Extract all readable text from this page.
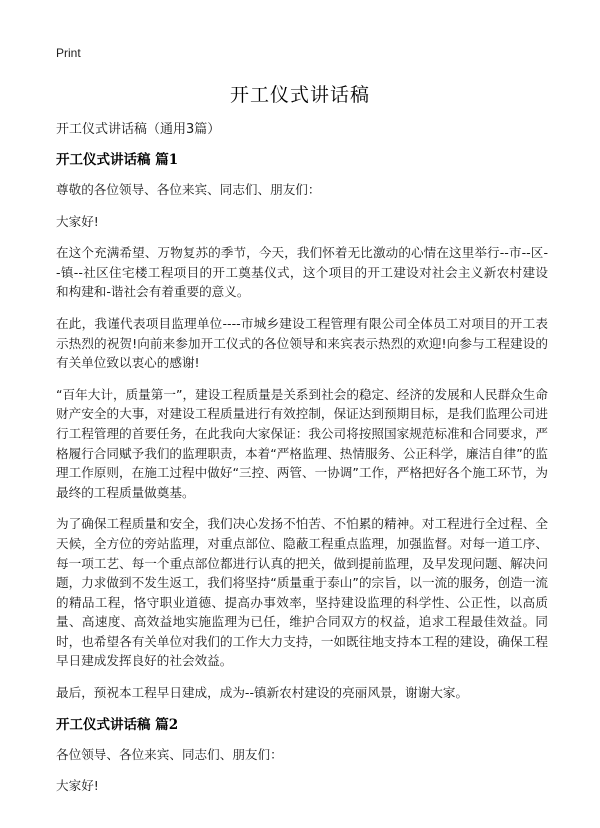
Print
开工仪式讲话稿

开工仪式讲话稿（通用3篇）

开工仪式讲话稿 篇1

尊敬的各位领导、各位来宾、同志们、朋友们：

大家好!

在这个充满希望、万物复苏的季节，今天，我们怀着无比激动的心情在这里举行--市--区--镇--社区住宅楼工程项目的开工奠基仪式，这个项目的开工建设对社会主义新农村建设和构建和-谐社会有着重要的意义。

在此，我谨代表项目监理单位----市城乡建设工程管理有限公司全体员工对项目的开工表示热烈的祝贺!向前来参加开工仪式的各位领导和来宾表示热烈的欢迎!向参与工程建设的有关单位致以衷心的感谢!

“百年大计，质量第一”，建设工程质量是关系到社会的稳定、经济的发展和人民群众生命财产安全的大事，对建设工程质量进行有效控制，保证达到预期目标，是我们监理公司进行工程管理的首要任务，在此我向大家保证：我公司将按照国家规范标准和合同要求，严格履行合同赋予我们的监理职责，本着“严格监理、热情服务、公正科学，廉洁自律”的监理工作原则，在施工过程中做好“三控、两管、一协调”工作，严格把好各个施工环节，为最终的工程质量做奠基。

为了确保工程质量和安全，我们决心发扬不怕苦、不怕累的精神。对工程进行全过程、全天候，全方位的旁站监理，对重点部位、隐蔽工程重点监理，加强监督。对每一道工序、每一项工艺、每一个重点部位都进行认真的把关，做到提前监理，及早发现问题、解决问题，力求做到不发生返工，我们将坚持“质量重于泰山”的宗旨，以一流的服务，创造一流的精品工程，恪守职业道德、提高办事效率，坚持建设监理的科学性、公正性，以高质量、高速度、高效益地实施监理为已任，维护合同双方的权益，追求工程最佳效益。同时，也希望各有关单位对我们的工作大力支持，一如既往地支持本工程的建设，确保工程早日建成发挥良好的社会效益。

最后，预祝本工程早日建成，成为--镇新农村建设的亮丽风景，谢谢大家。

开工仪式讲话稿 篇2

各位领导、各位来宾、同志们、朋友们：

大家好!
